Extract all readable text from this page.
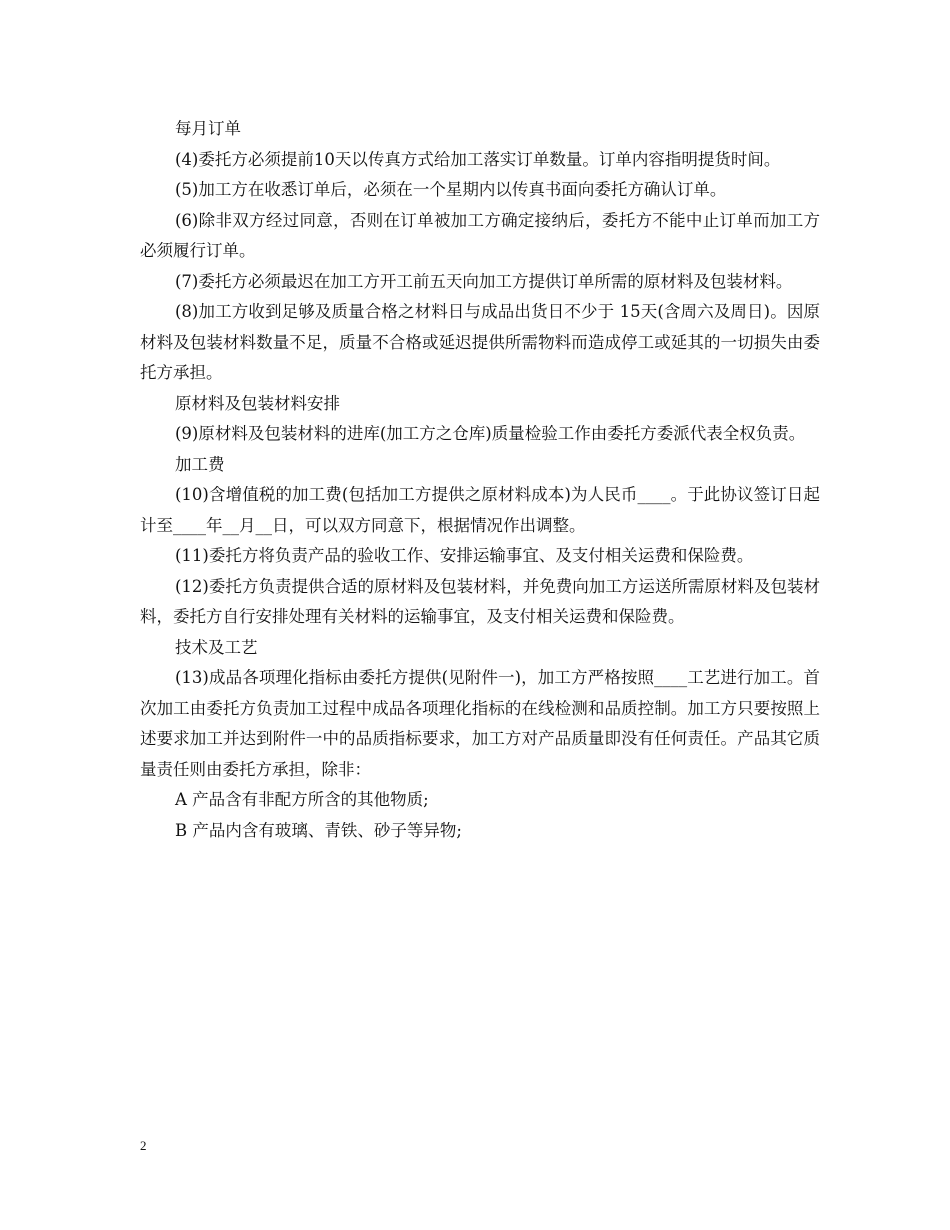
每月订单

(4)委托方必须提前10天以传真方式给加工落实订单数量。订单内容指明提货时间。

(5)加工方在收悉订单后，必须在一个星期内以传真书面向委托方确认订单。

(6)除非双方经过同意，否则在订单被加工方确定接纳后，委托方不能中止订单而加工方必须履行订单。

(7)委托方必须最迟在加工方开工前五天向加工方提供订单所需的原材料及包装材料。

(8)加工方收到足够及质量合格之材料日与成品出货日不少于 15天(含周六及周日)。因原材料及包装材料数量不足，质量不合格或延迟提供所需物料而造成停工或延其的一切损失由委托方承担。

原材料及包装材料安排

(9)原材料及包装材料的进库(加工方之仓库)质量检验工作由委托方委派代表全权负责。

加工费

(10)含增值税的加工费(包括加工方提供之原材料成本)为人民币____。于此协议签订日起计至____年__月__日，可以双方同意下，根据情况作出调整。

(11)委托方将负责产品的验收工作、安排运输事宜、及支付相关运费和保险费。

(12)委托方负责提供合适的原材料及包装材料，并免费向加工方运送所需原材料及包装材料，委托方自行安排处理有关材料的运输事宜，及支付相关运费和保险费。

技术及工艺

(13)成品各项理化指标由委托方提供(见附件一)，加工方严格按照____工艺进行加工。首次加工由委托方负责加工过程中成品各项理化指标的在线检测和品质控制。加工方只要按照上述要求加工并达到附件一中的品质指标要求，加工方对产品质量即没有任何责任。产品其它质量责任则由委托方承担，除非：

A 产品含有非配方所含的其他物质;

B 产品内含有玻璃、青铁、砂子等异物;

2
